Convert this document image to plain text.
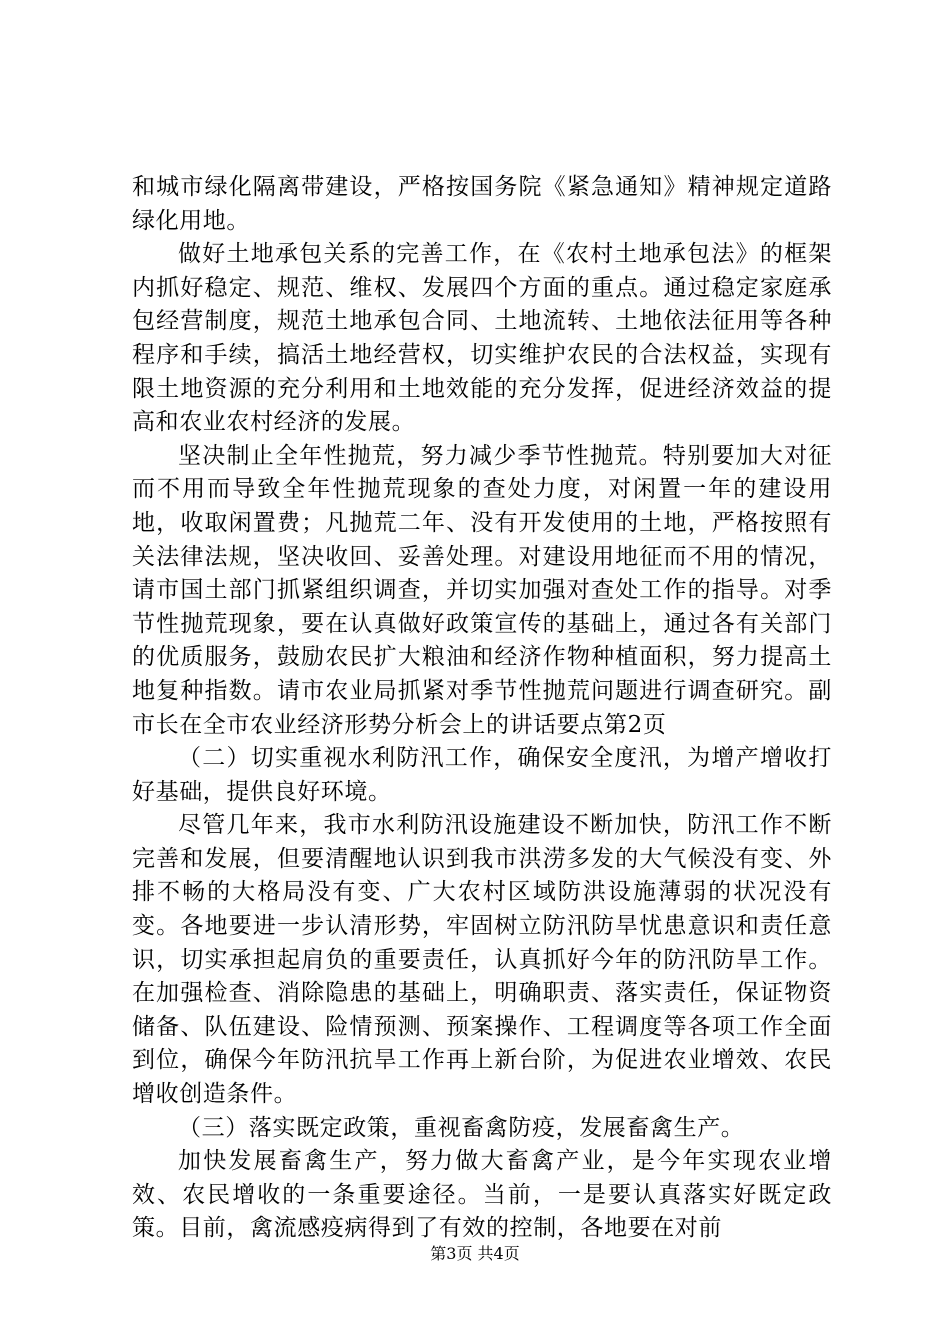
和城市绿化隔离带建设，严格按国务院《紧急通知》精神规定道路绿化用地。

做好土地承包关系的完善工作，在《农村土地承包法》的框架内抓好稳定、规范、维权、发展四个方面的重点。通过稳定家庭承包经营制度，规范土地承包合同、土地流转、土地依法征用等各种程序和手续，搞活土地经营权，切实维护农民的合法权益，实现有限土地资源的充分利用和土地效能的充分发挥，促进经济效益的提高和农业农村经济的发展。

坚决制止全年性抛荒，努力减少季节性抛荒。特别要加大对征而不用而导致全年性抛荒现象的查处力度，对闲置一年的建设用地，收取闲置费；凡抛荒二年、没有开发使用的土地，严格按照有关法律法规，坚决收回、妥善处理。对建设用地征而不用的情况，请市国土部门抓紧组织调查，并切实加强对查处工作的指导。对季节性抛荒现象，要在认真做好政策宣传的基础上，通过各有关部门的优质服务，鼓励农民扩大粮油和经济作物种植面积，努力提高土地复种指数。请市农业局抓紧对季节性抛荒问题进行调查研究。副市长在全市农业经济形势分析会上的讲话要点第2页

（二）切实重视水利防汛工作，确保安全度汛，为增产增收打好基础，提供良好环境。

尽管几年来，我市水利防汛设施建设不断加快，防汛工作不断完善和发展，但要清醒地认识到我市洪涝多发的大气候没有变、外排不畅的大格局没有变、广大农村区域防洪设施薄弱的状况没有变。各地要进一步认清形势，牢固树立防汛防旱忧患意识和责任意识，切实承担起肩负的重要责任，认真抓好今年的防汛防旱工作。在加强检查、消除隐患的基础上，明确职责、落实责任，保证物资储备、队伍建设、险情预测、预案操作、工程调度等各项工作全面到位，确保今年防汛抗旱工作再上新台阶，为促进农业增效、农民增收创造条件。

（三）落实既定政策，重视畜禽防疫，发展畜禽生产。

加快发展畜禽生产，努力做大畜禽产业，是今年实现农业增效、农民增收的一条重要途径。当前，一是要认真落实好既定政策。目前，禽流感疫病得到了有效的控制，各地要在对前

第3页 共4页
